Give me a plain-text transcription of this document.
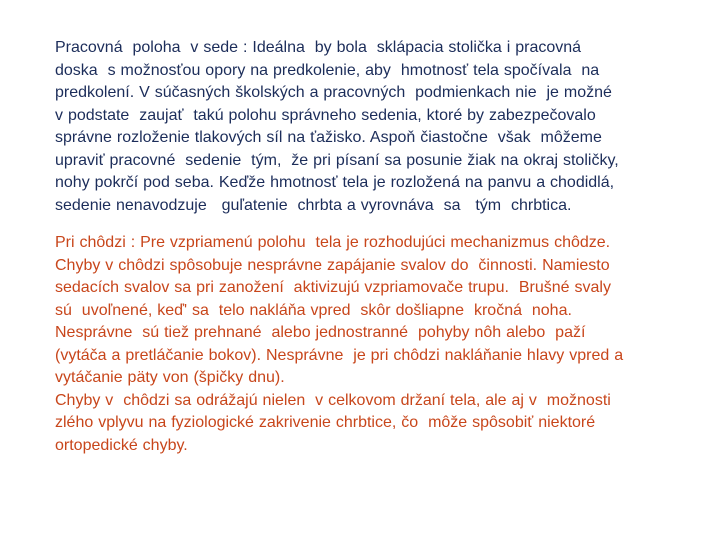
Pracovná  poloha  v sede : Ideálna  by bola  sklápacia stolička i pracovná
doska  s možnosťou opory na predkolenie, aby  hmotnosť tela spočívala  na
predkolení. V súčasných školských a pracovných  podmienkach nie  je možné
v podstate  zaujať  takú polohu správneho sedenia, ktoré by zabezpečovalo
správne rozloženie tlakových síl na ťažisko. Aspoň čiastočne  však  môžeme
upraviť pracovné  sedenie  tým,  že pri písaní sa posunie žiak na okraj stoličky,
nohy pokrčí pod seba. Keďže hmotnosť tela je rozložená na panvu a chodidlá,
sedenie nenavodzuje   guľatenie  chrbta a vyrovnáva  sa   tým  chrbtica.
Pri chôdzi : Pre vzpriamenú polohu  tela je rozhodujúci mechanizmus chôdze.
Chyby v chôdzi spôsobuje nesprávne zapájanie svalov do  činnosti. Namiesto
sedacích svalov sa pri zanožení  aktivizujú vzpriamovače trupu.  Brušné svaly
sú  uvoľnené, keď' sa  telo nakláňa vpred  skôr došliapne  kročná  noha.
Nesprávne  sú tiež prehnané  alebo jednostranné  pohyby nôh alebo  paží
(vytáča a pretláčanie bokov). Nesprávne  je pri chôdzi nakláňanie hlavy vpred a
vytáčanie päty von (špičky dnu).
Chyby v  chôdzi sa odrážajú nielen  v celkovom držaní tela, ale aj v  možnosti
zlého vplyvu na fyziologické zakrivenie chrbtice, čo  môže spôsobiť niektoré
ortopedické chyby.
